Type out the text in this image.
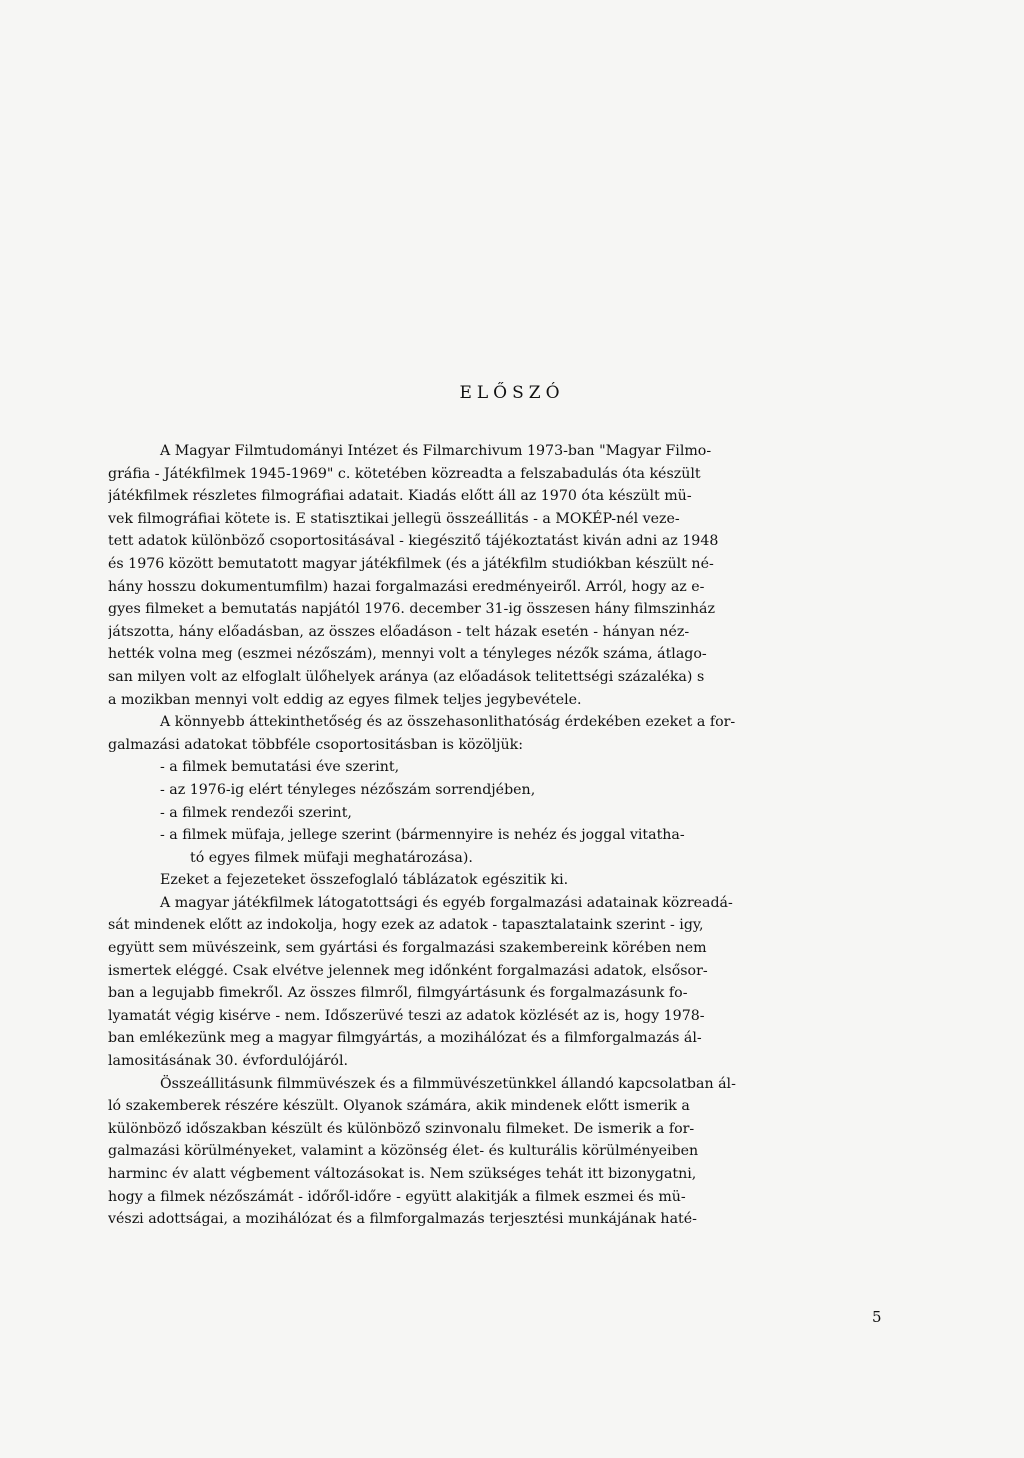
ELŐSZÓ
A Magyar Filmtudományi Intézet és Filmarchivum 1973-ban "Magyar Filmo-
gráfia - Játékfilmek 1945-1969" c. kötetében közreadta a felszabadulás óta készült
játékfilmek részletes filmográfiai adatait. Kiadás előtt áll az 1970 óta készült mü-
vek filmográfiai kötete is. E statisztikai jellegü összeállitás - a MOKÉP-nél veze-
tett adatok különböző csoportositásával - kiegészitő tájékoztatást kiván adni az 1948
és 1976 között bemutatott magyar játékfilmek (és a játékfilm studiókban készült né-
hány hosszu dokumentumfilm) hazai forgalmazási eredményeiről. Arról, hogy az e-
gyes filmeket a bemutatás napjától 1976. december 31-ig összesen hány filmszinház
játszotta, hány előadásban, az összes előadáson - telt házak esetén - hányan néz-
hették volna meg (eszmei nézőszám), mennyi volt a tényleges nézők száma, átlago-
san milyen volt az elfoglalt ülőhelyek aránya (az előadások telitettségi százaléka) s
a mozikban mennyi volt eddig az egyes filmek teljes jegybevétele.
A könnyebb áttekinthetőség és az összehasonlithatóság érdekében ezeket a for-
galmazási adatokat többféle csoportositásban is közöljük:
- a filmek bemutatási éve szerint,
- az 1976-ig elért tényleges nézőszám sorrendjében,
- a filmek rendezői szerint,
- a filmek müfaja, jellege szerint (bármennyire is nehéz és joggal vitatha-
tó egyes filmek müfaji meghatározása).
Ezeket a fejezeteket összefoglaló táblázatok egészitik ki.
A magyar játékfilmek látogatottsági és egyéb forgalmazási adatainak közreadá-
sát mindenek előtt az indokolja, hogy ezek az adatok - tapasztalataink szerint - igy,
együtt sem müvészeink, sem gyártási és forgalmazási szakembereink körében nem
ismertek eléggé. Csak elvétve jelennek meg időnként forgalmazási adatok, elsősor-
ban a legujabb fimekről. Az összes filmről, filmgyártásunk és forgalmazásunk fo-
lyamatát végig kisérve - nem. Időszerüvé teszi az adatok közlését az is, hogy 1978-
ban emlékezünk meg a magyar filmgyártás, a mozihálózat és a filmforgalmazás ál-
lamositásának 30. évfordulójáról.
Összeállitásunk filmmüvészek és a filmmüvészetünkkel állandó kapcsolatban ál-
ló szakemberek részére készült. Olyanok számára, akik mindenek előtt ismerik a
különböző időszakban készült és különböző szinvonalu filmeket. De ismerik a for-
galmazási körülményeket, valamint a közönség élet- és kulturális körülményeiben
harminc év alatt végbement változásokat is. Nem szükséges tehát itt bizonygatni,
hogy a filmek nézőszámát - időről-időre - együtt alakitják a filmek eszmei és mü-
vészi adottságai, a mozihálózat és a filmforgalmazás terjesztési munkájának haté-

5
